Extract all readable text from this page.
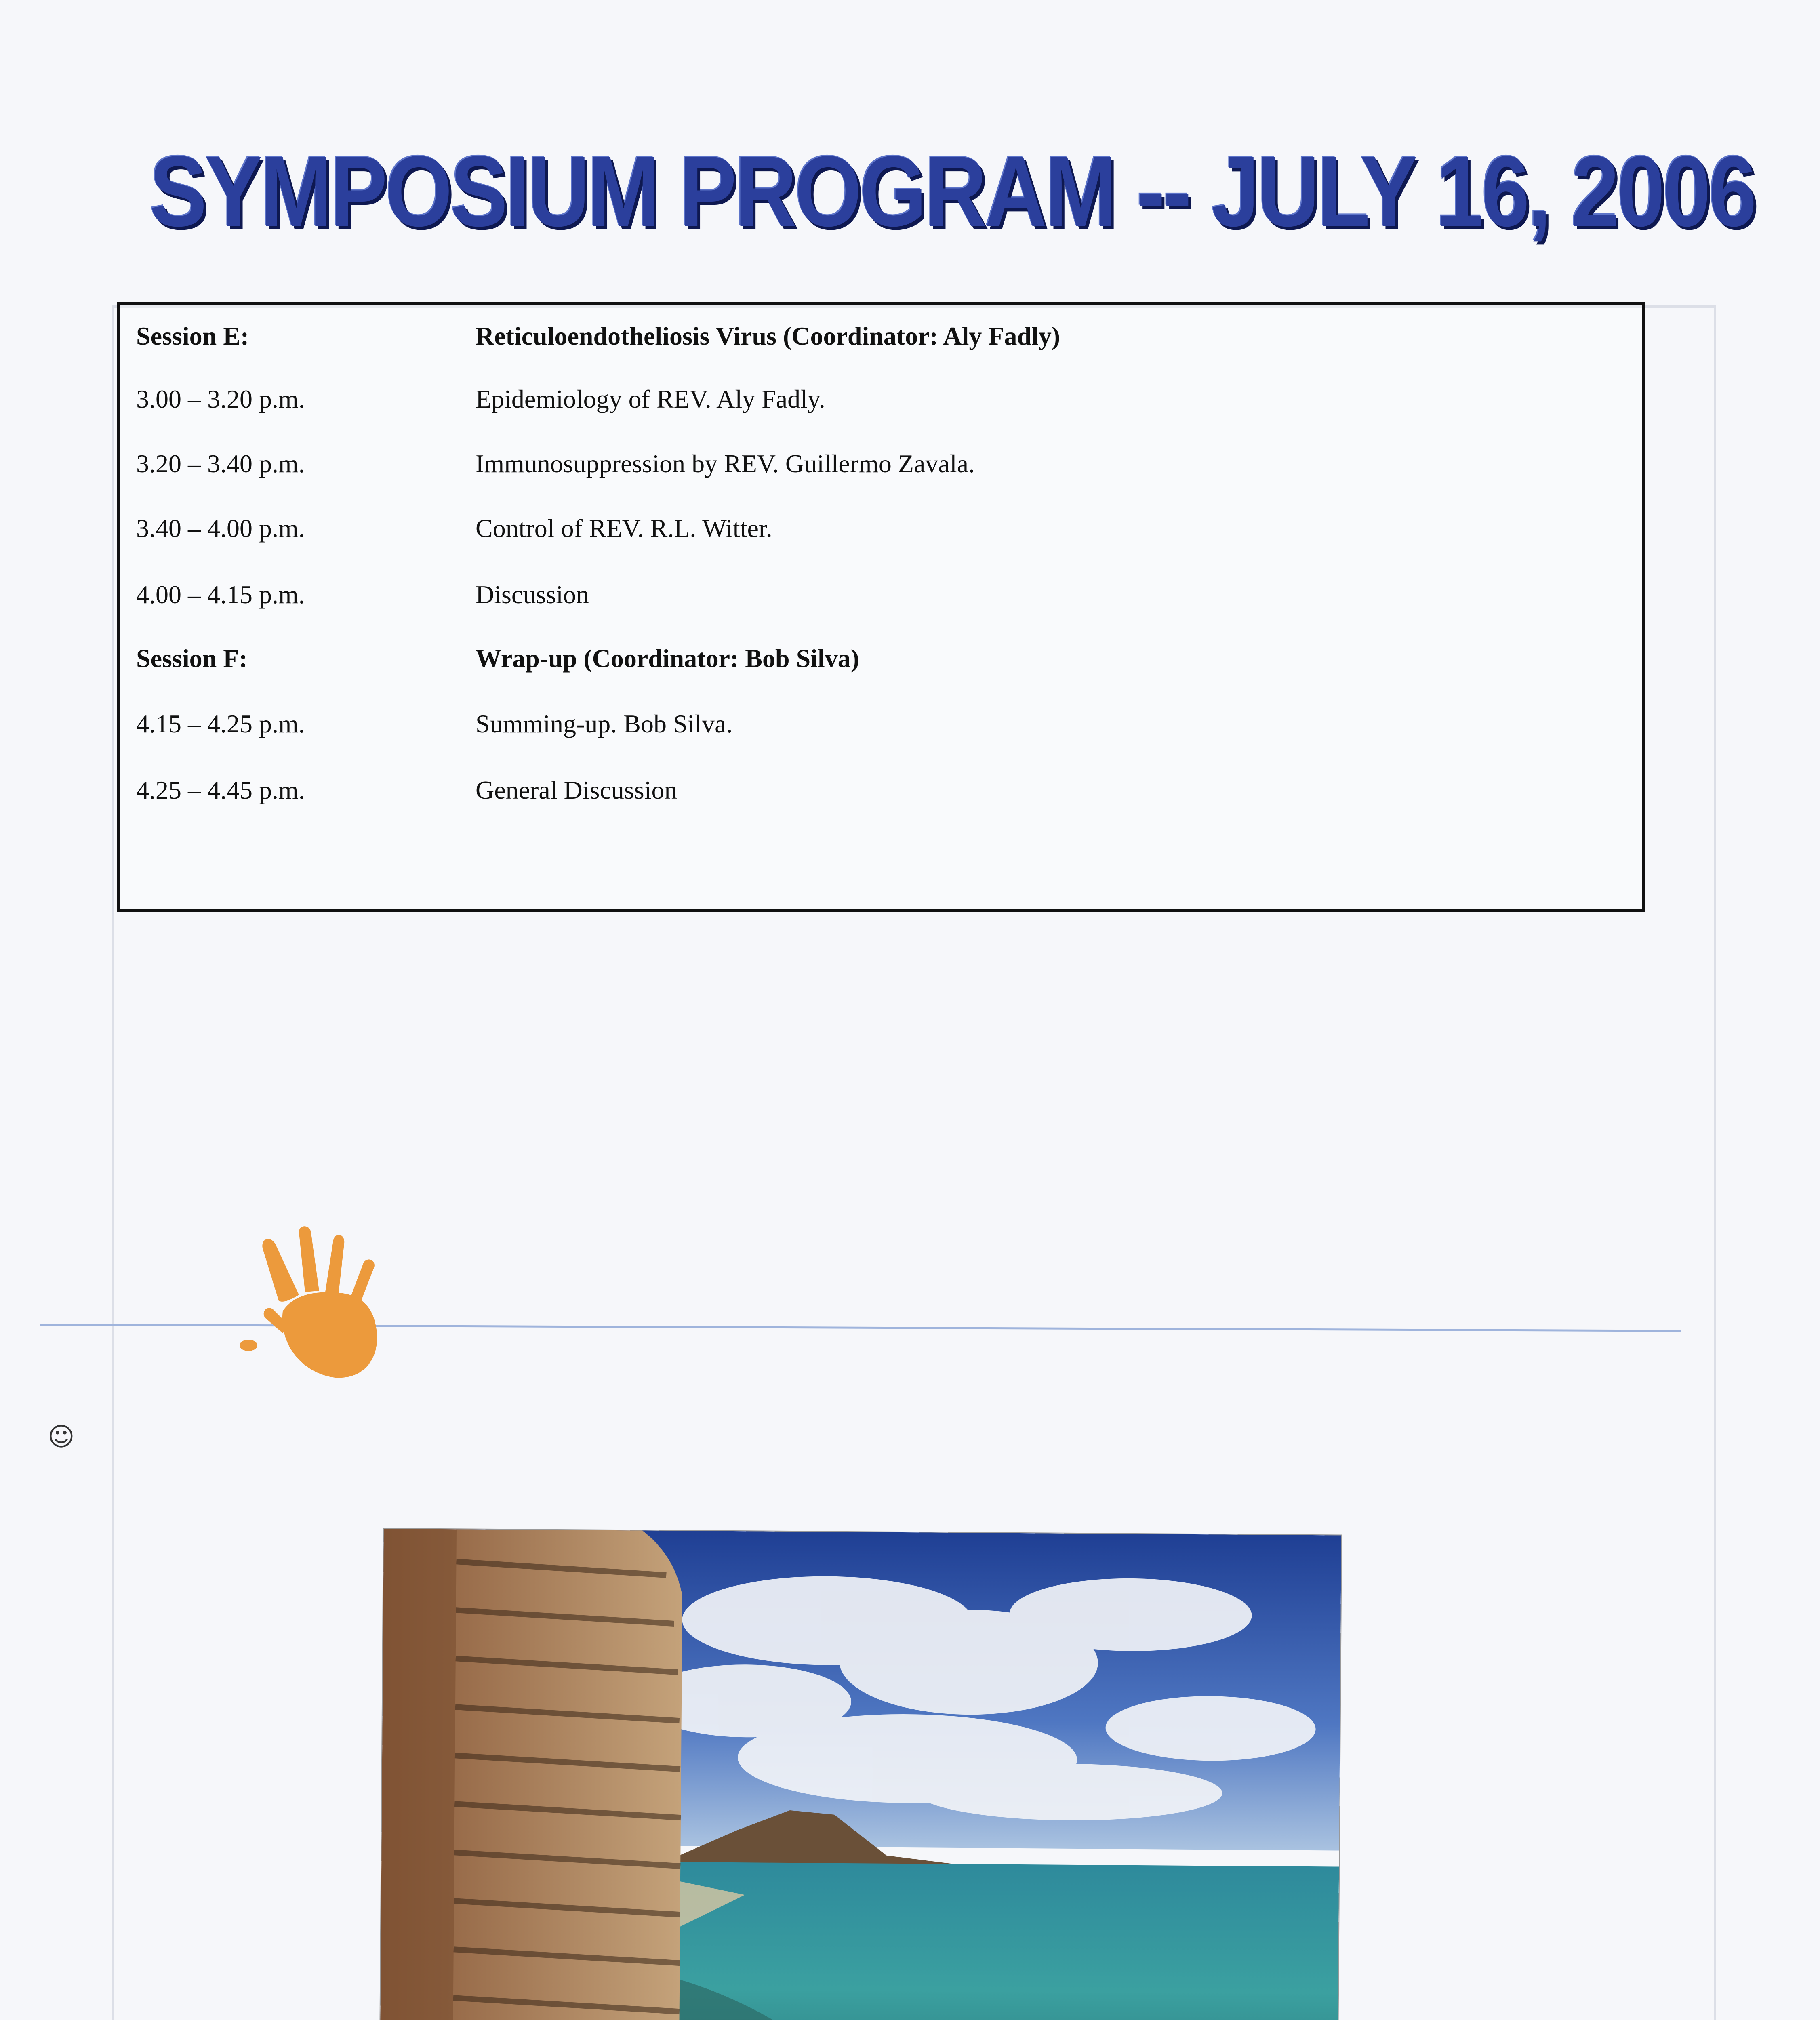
SYMPOSIUM PROGRAM -- JULY 16, 2006
Session E:	Reticuloendotheliosis Virus (Coordinator: Aly Fadly)
3.00 – 3.20 p.m.	Epidemiology of REV. Aly Fadly.
3.20 – 3.40 p.m.	Immunosuppression by REV. Guillermo Zavala.
3.40 – 4.00 p.m.	Control of REV. R.L. Witter.
4.00 – 4.15 p.m.	Discussion
Session F:	Wrap-up (Coordinator: Bob Silva)
4.15 – 4.25 p.m.	Summing-up. Bob Silva.
4.25 – 4.45 p.m.	General Discussion
☺
